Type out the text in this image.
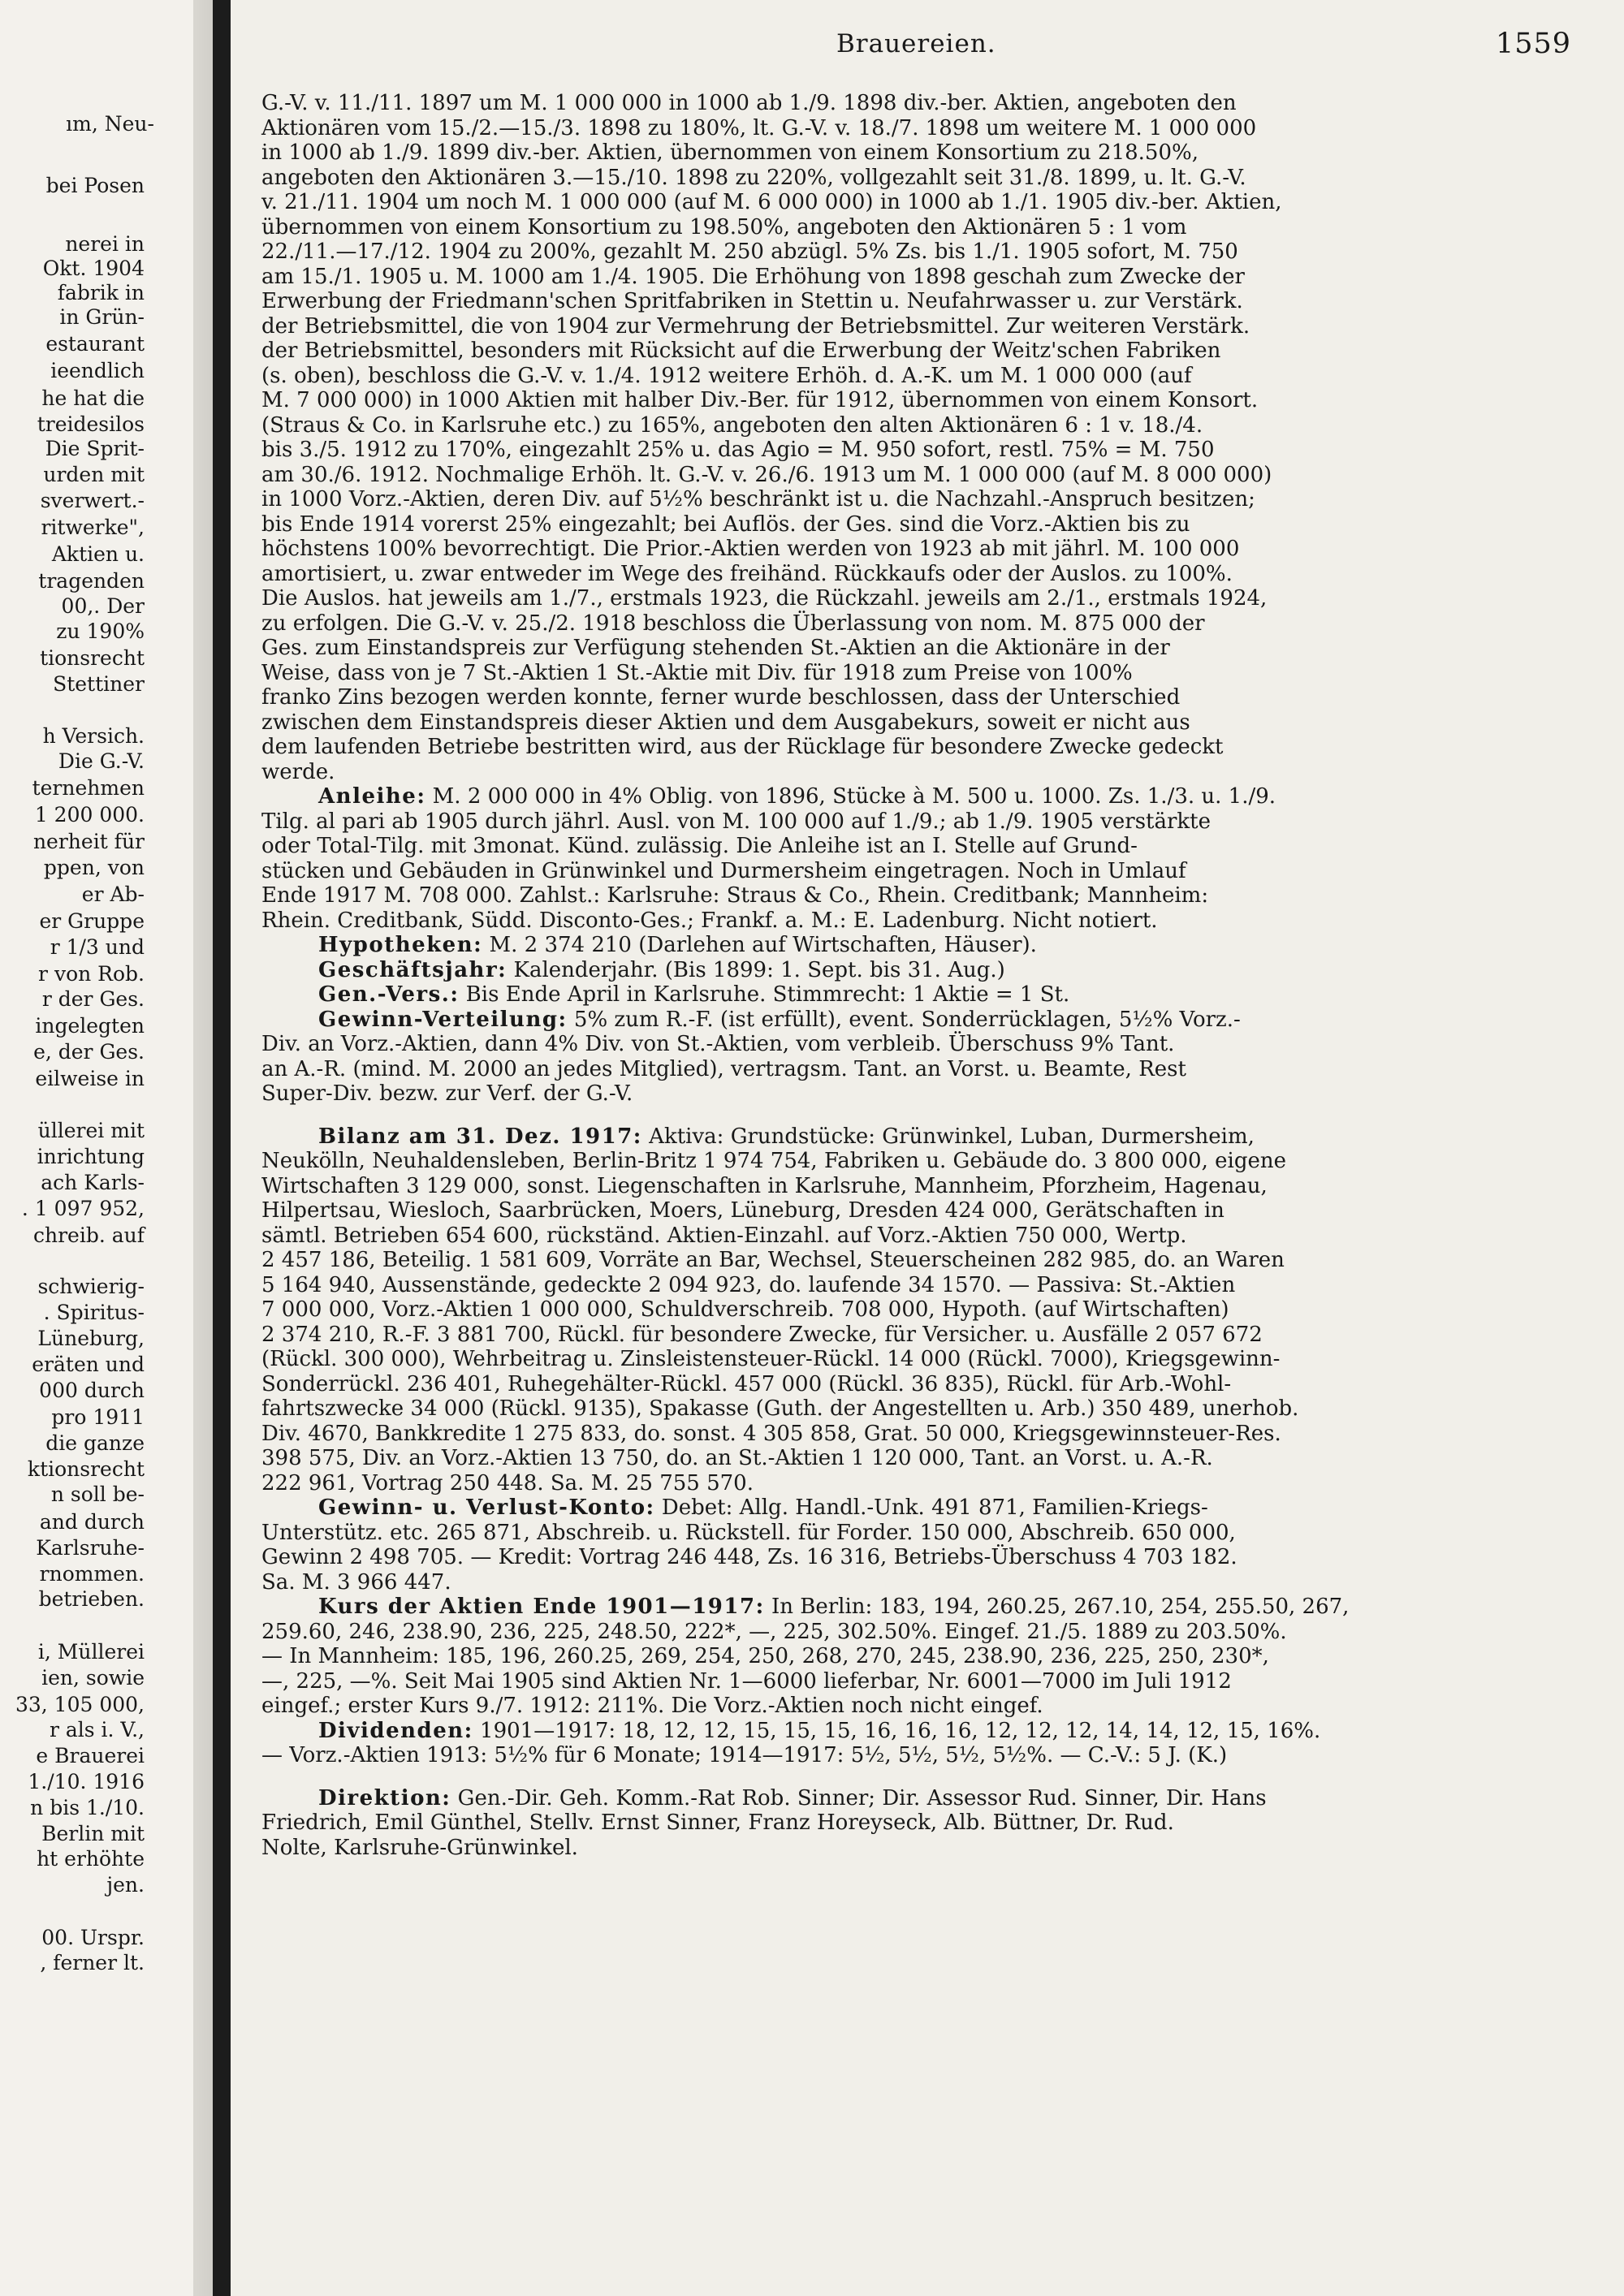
ım, Neu-
bei Posen
nerei in
Okt. 1904
fabrik in
in Grün-
estaurant
ieendlich
he hat die
treidesilos
Die Sprit-
urden mit
sverwert.-
ritwerke",
Aktien u.
tragenden
00,. Der
zu 190%
tionsrecht
Stettiner
h Versich.
Die G.-V.
ternehmen
1 200 000.
nerheit für
ppen, von
er Ab-
er Gruppe
r 1/3 und
r von Rob.
r der Ges.
ingelegten
e, der Ges.
eilweise in
üllerei mit
inrichtung
ach Karls-
. 1 097 952,
chreib. auf
schwierig-
. Spiritus-
Lüneburg,
eräten und
000 durch
pro 1911
die ganze
ktionsrecht
n soll be-
and durch
Karlsruhe-
rnommen.
betrieben.
i, Müllerei
ien, sowie
33, 105 000,
r als i. V.,
e Brauerei
1./10. 1916
n bis 1./10.
Berlin mit
ht erhöhte
jen.
00. Urspr.
, ferner lt.
Brauereien.	1559
G.-V. v. 11./11. 1897 um M. 1 000 000 in 1000 ab 1./9. 1898 div.-ber. Aktien, angeboten den
Aktionären vom 15./2.—15./3. 1898 zu 180%, lt. G.-V. v. 18./7. 1898 um weitere M. 1 000 000
in 1000 ab 1./9. 1899 div.-ber. Aktien, übernommen von einem Konsortium zu 218.50%,
angeboten den Aktionären 3.—15./10. 1898 zu 220%, vollgezahlt seit 31./8. 1899, u. lt. G.-V.
v. 21./11. 1904 um noch M. 1 000 000 (auf M. 6 000 000) in 1000 ab 1./1. 1905 div.-ber. Aktien,
übernommen von einem Konsortium zu 198.50%, angeboten den Aktionären 5 : 1 vom
22./11.—17./12. 1904 zu 200%, gezahlt M. 250 abzügl. 5% Zs. bis 1./1. 1905 sofort, M. 750
am 15./1. 1905 u. M. 1000 am 1./4. 1905. Die Erhöhung von 1898 geschah zum Zwecke der
Erwerbung der Friedmann'schen Spritfabriken in Stettin u. Neufahrwasser u. zur Verstärk.
der Betriebsmittel, die von 1904 zur Vermehrung der Betriebsmittel. Zur weiteren Verstärk.
der Betriebsmittel, besonders mit Rücksicht auf die Erwerbung der Weitz'schen Fabriken
(s. oben), beschloss die G.-V. v. 1./4. 1912 weitere Erhöh. d. A.-K. um M. 1 000 000 (auf
M. 7 000 000) in 1000 Aktien mit halber Div.-Ber. für 1912, übernommen von einem Konsort.
(Straus & Co. in Karlsruhe etc.) zu 165%, angeboten den alten Aktionären 6 : 1 v. 18./4.
bis 3./5. 1912 zu 170%, eingezahlt 25% u. das Agio = M. 950 sofort, restl. 75% = M. 750
am 30./6. 1912. Nochmalige Erhöh. lt. G.-V. v. 26./6. 1913 um M. 1 000 000 (auf M. 8 000 000)
in 1000 Vorz.-Aktien, deren Div. auf 5½% beschränkt ist u. die Nachzahl.-Anspruch besitzen;
bis Ende 1914 vorerst 25% eingezahlt; bei Auflös. der Ges. sind die Vorz.-Aktien bis zu
höchstens 100% bevorrechtigt. Die Prior.-Aktien werden von 1923 ab mit jährl. M. 100 000
amortisiert, u. zwar entweder im Wege des freihänd. Rückkaufs oder der Auslos. zu 100%.
Die Auslos. hat jeweils am 1./7., erstmals 1923, die Rückzahl. jeweils am 2./1., erstmals 1924,
zu erfolgen. Die G.-V. v. 25./2. 1918 beschloss die Überlassung von nom. M. 875 000 der
Ges. zum Einstandspreis zur Verfügung stehenden St.-Aktien an die Aktionäre in der
Weise, dass von je 7 St.-Aktien 1 St.-Aktie mit Div. für 1918 zum Preise von 100%
franko Zins bezogen werden konnte, ferner wurde beschlossen, dass der Unterschied
zwischen dem Einstandspreis dieser Aktien und dem Ausgabekurs, soweit er nicht aus
dem laufenden Betriebe bestritten wird, aus der Rücklage für besondere Zwecke gedeckt
werde.
Anleihe: M. 2 000 000 in 4% Oblig. von 1896, Stücke à M. 500 u. 1000. Zs. 1./3. u. 1./9.
Tilg. al pari ab 1905 durch jährl. Ausl. von M. 100 000 auf 1./9.; ab 1./9. 1905 verstärkte
oder Total-Tilg. mit 3monat. Künd. zulässig. Die Anleihe ist an I. Stelle auf Grund-
stücken und Gebäuden in Grünwinkel und Durmersheim eingetragen. Noch in Umlauf
Ende 1917 M. 708 000. Zahlst.: Karlsruhe: Straus & Co., Rhein. Creditbank; Mannheim:
Rhein. Creditbank, Südd. Disconto-Ges.; Frankf. a. M.: E. Ladenburg. Nicht notiert.
Hypotheken: M. 2 374 210 (Darlehen auf Wirtschaften, Häuser).
Geschäftsjahr: Kalenderjahr. (Bis 1899: 1. Sept. bis 31. Aug.)
Gen.-Vers.: Bis Ende April in Karlsruhe. Stimmrecht: 1 Aktie = 1 St.
Gewinn-Verteilung: 5% zum R.-F. (ist erfüllt), event. Sonderrücklagen, 5½% Vorz.-
Div. an Vorz.-Aktien, dann 4% Div. von St.-Aktien, vom verbleib. Überschuss 9% Tant.
an A.-R. (mind. M. 2000 an jedes Mitglied), vertragsm. Tant. an Vorst. u. Beamte, Rest
Super-Div. bezw. zur Verf. der G.-V.
Bilanz am 31. Dez. 1917: Aktiva: Grundstücke: Grünwinkel, Luban, Durmersheim,
Neukölln, Neuhaldensleben, Berlin-Britz 1 974 754, Fabriken u. Gebäude do. 3 800 000, eigene
Wirtschaften 3 129 000, sonst. Liegenschaften in Karlsruhe, Mannheim, Pforzheim, Hagenau,
Hilpertsau, Wiesloch, Saarbrücken, Moers, Lüneburg, Dresden 424 000, Gerätschaften in
sämtl. Betrieben 654 600, rückständ. Aktien-Einzahl. auf Vorz.-Aktien 750 000, Wertp.
2 457 186, Beteilig. 1 581 609, Vorräte an Bar, Wechsel, Steuerscheinen 282 985, do. an Waren
5 164 940, Aussenstände, gedeckte 2 094 923, do. laufende 34 1570. — Passiva: St.-Aktien
7 000 000, Vorz.-Aktien 1 000 000, Schuldverschreib. 708 000, Hypoth. (auf Wirtschaften)
2 374 210, R.-F. 3 881 700, Rückl. für besondere Zwecke, für Versicher. u. Ausfälle 2 057 672
(Rückl. 300 000), Wehrbeitrag u. Zinsleistensteuer-Rückl. 14 000 (Rückl. 7000), Kriegsgewinn-
Sonderrückl. 236 401, Ruhegehälter-Rückl. 457 000 (Rückl. 36 835), Rückl. für Arb.-Wohl-
fahrtszwecke 34 000 (Rückl. 9135), Spakasse (Guth. der Angestellten u. Arb.) 350 489, unerhob.
Div. 4670, Bankkredite 1 275 833, do. sonst. 4 305 858, Grat. 50 000, Kriegsgewinnsteuer-Res.
398 575, Div. an Vorz.-Aktien 13 750, do. an St.-Aktien 1 120 000, Tant. an Vorst. u. A.-R.
222 961, Vortrag 250 448. Sa. M. 25 755 570.
Gewinn- u. Verlust-Konto: Debet: Allg. Handl.-Unk. 491 871, Familien-Kriegs-
Unterstütz. etc. 265 871, Abschreib. u. Rückstell. für Forder. 150 000, Abschreib. 650 000,
Gewinn 2 498 705. — Kredit: Vortrag 246 448, Zs. 16 316, Betriebs-Überschuss 4 703 182.
Sa. M. 3 966 447.
Kurs der Aktien Ende 1901—1917: In Berlin: 183, 194, 260.25, 267.10, 254, 255.50, 267,
259.60, 246, 238.90, 236, 225, 248.50, 222*, —, 225, 302.50%. Eingef. 21./5. 1889 zu 203.50%.
— In Mannheim: 185, 196, 260.25, 269, 254, 250, 268, 270, 245, 238.90, 236, 225, 250, 230*,
—, 225, —%. Seit Mai 1905 sind Aktien Nr. 1—6000 lieferbar, Nr. 6001—7000 im Juli 1912
eingef.; erster Kurs 9./7. 1912: 211%. Die Vorz.-Aktien noch nicht eingef.
Dividenden: 1901—1917: 18, 12, 12, 15, 15, 15, 16, 16, 16, 12, 12, 12, 14, 14, 12, 15, 16%.
— Vorz.-Aktien 1913: 5½% für 6 Monate; 1914—1917: 5½, 5½, 5½, 5½%. — C.-V.: 5 J. (K.)
Direktion: Gen.-Dir. Geh. Komm.-Rat Rob. Sinner; Dir. Assessor Rud. Sinner, Dir. Hans
Friedrich, Emil Günthel, Stellv. Ernst Sinner, Franz Horeyseck, Alb. Büttner, Dr. Rud.
Nolte, Karlsruhe-Grünwinkel.
